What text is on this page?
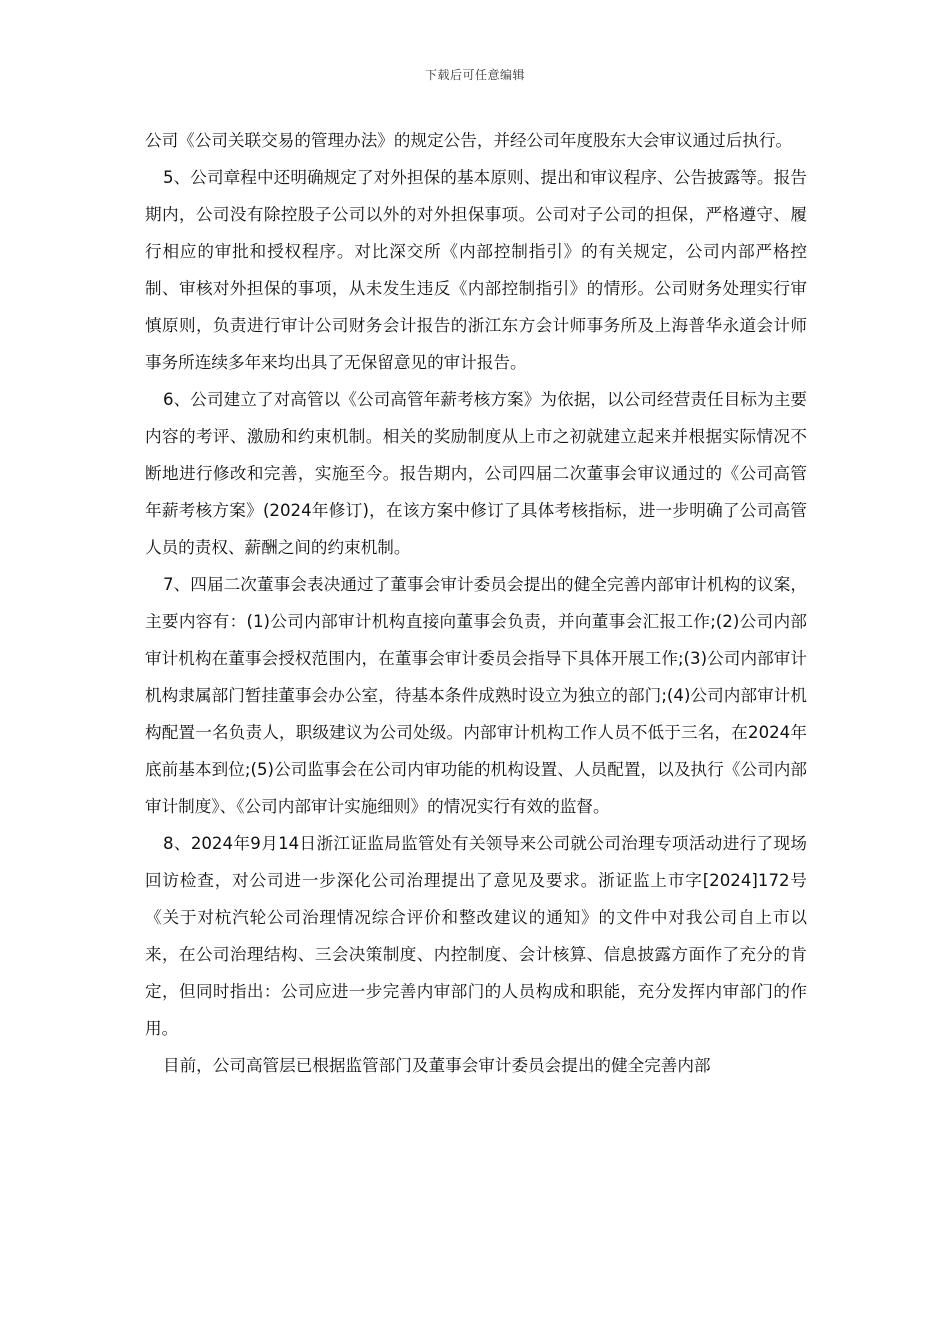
下载后可任意编辑

公司《公司关联交易的管理办法》的规定公告，并经公司年度股东大会审议通过后执行。

5、公司章程中还明确规定了对外担保的基本原则、提出和审议程序、公告披露等。报告期内，公司没有除控股子公司以外的对外担保事项。公司对子公司的担保，严格遵守、履行相应的审批和授权程序。对比深交所《内部控制指引》的有关规定，公司内部严格控制、审核对外担保的事项，从未发生违反《内部控制指引》的情形。公司财务处理实行审慎原则，负责进行审计公司财务会计报告的浙江东方会计师事务所及上海普华永道会计师事务所连续多年来均出具了无保留意见的审计报告。

6、公司建立了对高管以《公司高管年薪考核方案》为依据，以公司经营责任目标为主要内容的考评、激励和约束机制。相关的奖励制度从上市之初就建立起来并根据实际情况不断地进行修改和完善，实施至今。报告期内，公司四届二次董事会审议通过的《公司高管年薪考核方案》(2024年修订)，在该方案中修订了具体考核指标，进一步明确了公司高管人员的责权、薪酬之间的约束机制。

7、四届二次董事会表决通过了董事会审计委员会提出的健全完善内部审计机构的议案，主要内容有：(1)公司内部审计机构直接向董事会负责，并向董事会汇报工作;(2)公司内部审计机构在董事会授权范围内，在董事会审计委员会指导下具体开展工作;(3)公司内部审计机构隶属部门暂挂董事会办公室，待基本条件成熟时设立为独立的部门;(4)公司内部审计机构配置一名负责人，职级建议为公司处级。内部审计机构工作人员不低于三名，在2024年底前基本到位;(5)公司监事会在公司内审功能的机构设置、人员配置，以及执行《公司内部审计制度》、《公司内部审计实施细则》的情况实行有效的监督。

8、2024年9月14日浙江证监局监管处有关领导来公司就公司治理专项活动进行了现场回访检查，对公司进一步深化公司治理提出了意见及要求。浙证监上市字[2024]172号《关于对杭汽轮公司治理情况综合评价和整改建议的通知》的文件中对我公司自上市以来，在公司治理结构、三会决策制度、内控制度、会计核算、信息披露方面作了充分的肯定，但同时指出：公司应进一步完善内审部门的人员构成和职能，充分发挥内审部门的作用。

目前，公司高管层已根据监管部门及董事会审计委员会提出的健全完善内部
